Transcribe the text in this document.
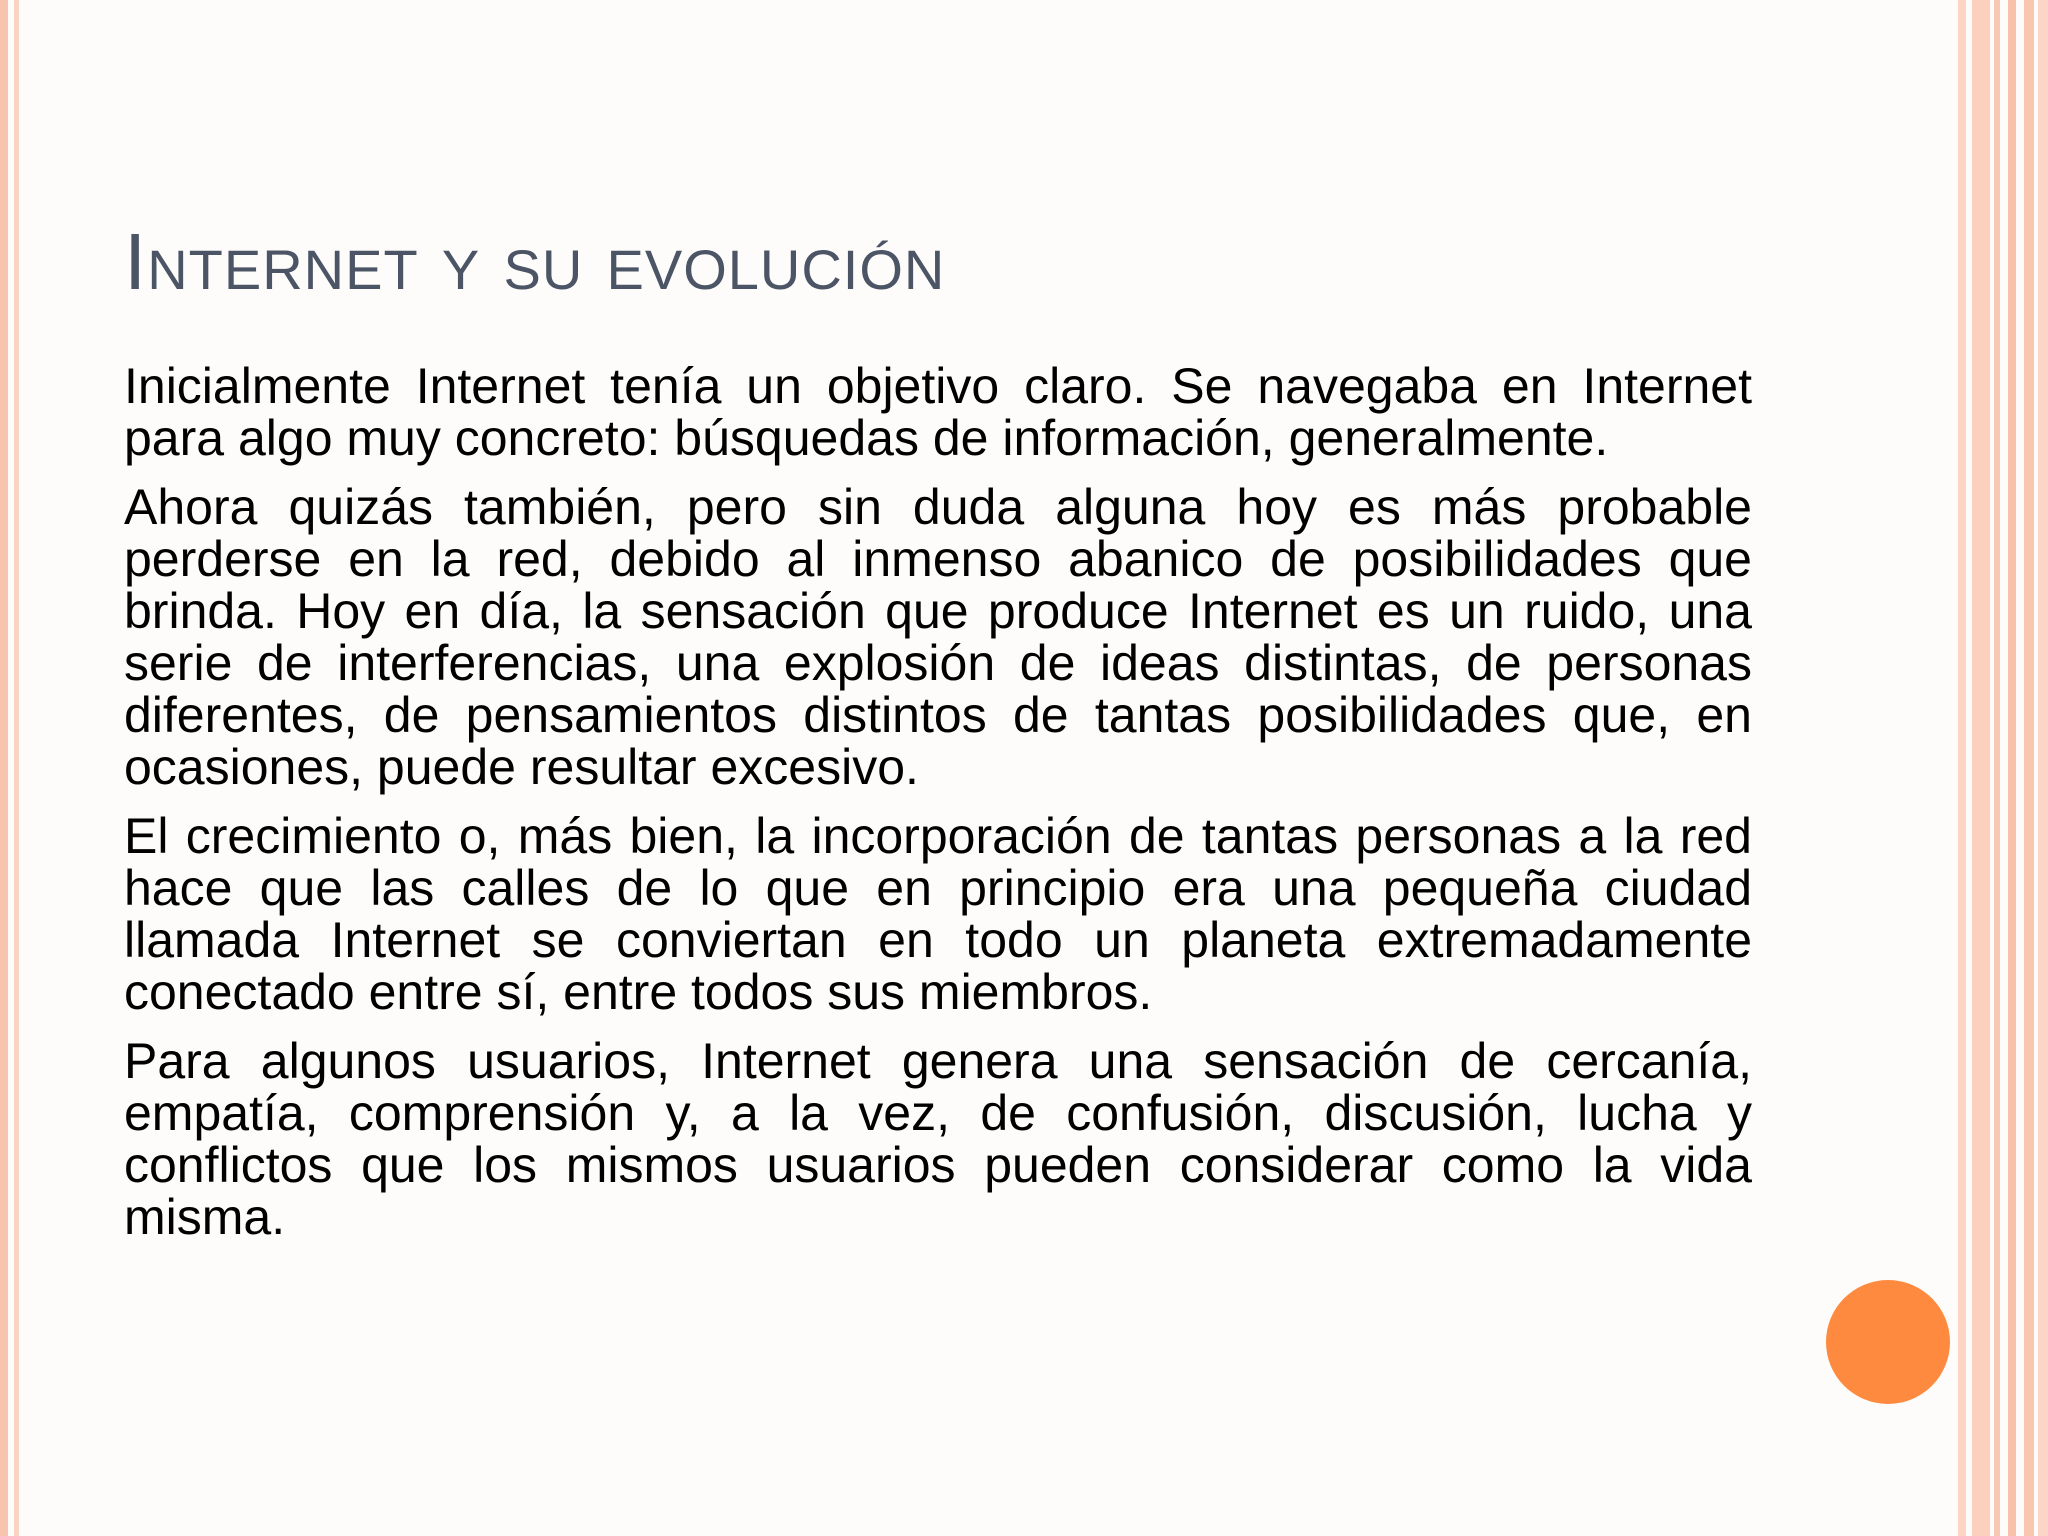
Internet y su evolución

Inicialmente Internet tenía un objetivo claro. Se navegaba en Internet para algo muy concreto: búsquedas de información, generalmente.

Ahora quizás también, pero sin duda alguna hoy es más probable perderse en la red, debido al inmenso abanico de posibilidades que brinda. Hoy en día, la sensación que produce Internet es un ruido, una serie de interferencias, una explosión de ideas distintas, de personas diferentes, de pensamientos distintos de tantas posibilidades que, en ocasiones, puede resultar excesivo.

El crecimiento o, más bien, la incorporación de tantas personas a la red hace que las calles de lo que en principio era una pequeña ciudad llamada Internet se conviertan en todo un planeta extremadamente conectado entre sí, entre todos sus miembros.

Para algunos usuarios, Internet genera una sensación de cercanía, empatía, comprensión y, a la vez, de confusión, discusión, lucha y conflictos que los mismos usuarios pueden considerar como la vida misma.
